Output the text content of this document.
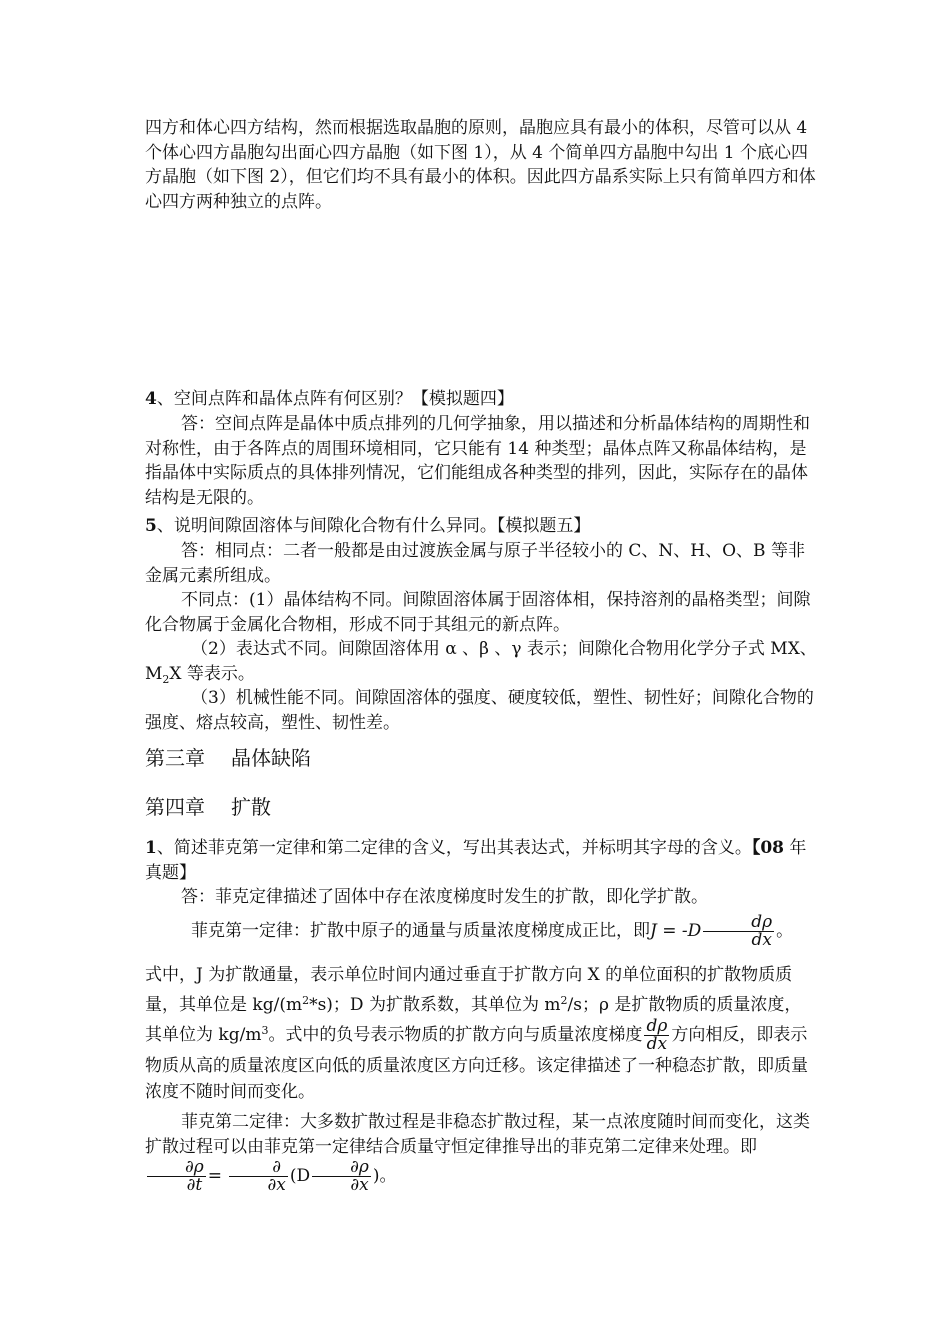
四方和体心四方结构，然而根据选取晶胞的原则，晶胞应具有最小的体积，尽管可以从 4 个体心四方晶胞勾出面心四方晶胞（如下图 1），从 4 个简单四方晶胞中勾出 1 个底心四方晶胞（如下图 2），但它们均不具有最小的体积。因此四方晶系实际上只有简单四方和体心四方两种独立的点阵。

4、空间点阵和晶体点阵有何区别？【模拟题四】

答：空间点阵是晶体中质点排列的几何学抽象，用以描述和分析晶体结构的周期性和对称性，由于各阵点的周围环境相同，它只能有 14 种类型；晶体点阵又称晶体结构，是指晶体中实际质点的具体排列情况，它们能组成各种类型的排列，因此，实际存在的晶体结构是无限的。

5、说明间隙固溶体与间隙化合物有什么异同。【模拟题五】

答：相同点：二者一般都是由过渡族金属与原子半径较小的 C、N、H、O、B 等非金属元素所组成。

不同点：(1）晶体结构不同。间隙固溶体属于固溶体相，保持溶剂的晶格类型；间隙化合物属于金属化合物相，形成不同于其组元的新点阵。

（2）表达式不同。间隙固溶体用 α 、β 、γ 表示；间隙化合物用化学分子式 MX、$M_2X$ 等表示。

（3）机械性能不同。间隙固溶体的强度、硬度较低，塑性、韧性好；间隙化合物的强度、熔点较高，塑性、韧性差。

第三章 晶体缺陷
第四章 扩散

1、简述菲克第一定律和第二定律的含义，写出其表达式，并标明其字母的含义。【08 年真题】

答：菲克定律描述了固体中存在浓度梯度时发生的扩散，即化学扩散。

菲克第一定律：扩散中原子的通量与质量浓度梯度成正比，即$J = -D \frac{d\rho}{dx}$ 。

式中，J 为扩散通量，表示单位时间内通过垂直于扩散方向 X 的单位面积的扩散物质质量，其单位是 $kg/(m^2*s)$；D 为扩散系数，其单位为 $m^2/s$；ρ 是扩散物质的质量浓度，其单位为 $kg/m^3$。式中的负号表示物质的扩散方向与质量浓度梯度 $\frac{d\rho}{dx}$ 方向相反，即表示物质从高的质量浓度区向低的质量浓度区方向迁移。该定律描述了一种稳态扩散，即质量浓度不随时间而变化。

菲克第二定律：大多数扩散过程是非稳态扩散过程，某一点浓度随时间而变化，这类扩散过程可以由菲克第一定律结合质量守恒定律推导出的菲克第二定律来处理。即
$\frac{\partial\rho}{\partial t} = \frac{\partial}{\partial x} (D \frac{\partial\rho}{\partial x}$ )。
